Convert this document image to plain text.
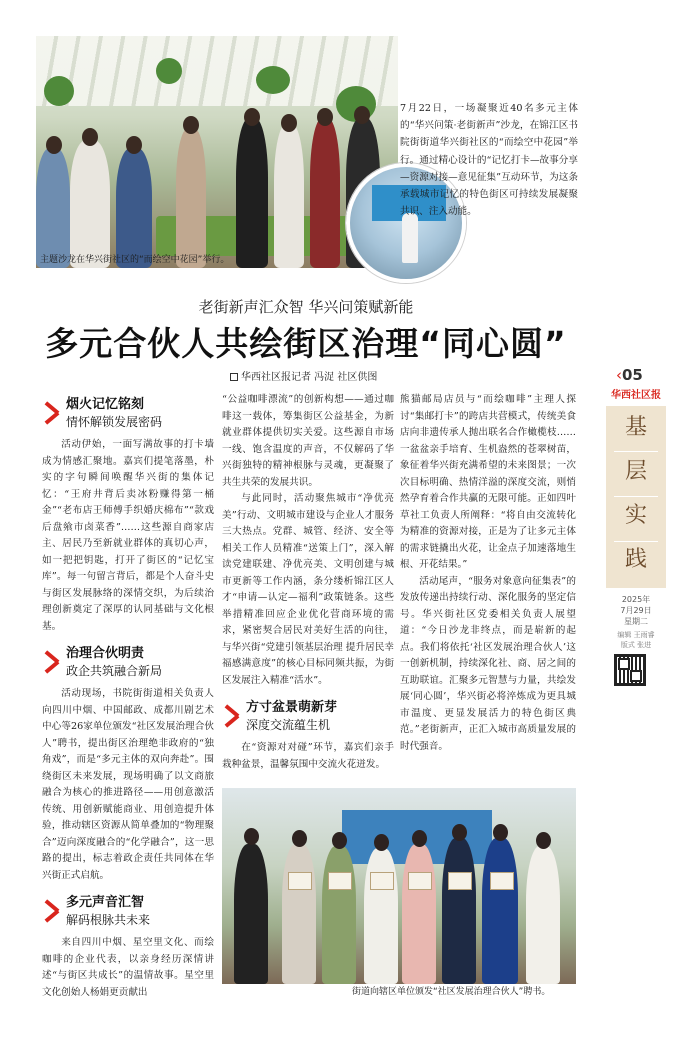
主题沙龙在华兴街社区的“而绘空中花园”举行。
7月22日，一场凝聚近40名多元主体的“华兴问策·老街新声”沙龙，在锦江区书院街街道华兴街社区的“而绘空中花园”举行。通过精心设计的“记忆打卡—故事分享—资源对接—意见征集”互动环节，为这条承载城市记忆的特色街区可持续发展凝聚共识、注入动能。
老街新声汇众智 华兴问策赋新能
多元合伙人共绘街区治理“同心圆”
华西社区报记者 冯浞 社区供图
烟火记忆铭刻
情怀解锁发展密码

活动伊始，一面写满故事的打卡墙成为情感汇聚地。嘉宾们提笔落墨，朴实的字句瞬间唤醒华兴街的集体记忆：“王府井背后卖冰粉赚得第一桶金”“老布店王师傅手织婚庆棉布”“款戏后盘飨市卤菜香”……这些源自商家店主、居民乃至新就业群体的真切心声，如一把把钥匙，打开了街区的“记忆宝库”。每一句留言背后，都是个人奋斗史与街区发展脉络的深情交织，为后续治理创新奠定了深厚的认同基础与文化根基。

治理合伙明责
政企共筑融合新局

活动现场，书院街街道相关负责人向四川中烟、中国邮政、成都川剧艺术中心等26家单位颁发“社区发展治理合伙人”聘书，提出街区治理绝非政府的“独角戏”，而是“多元主体的双向奔赴”。围绕街区未来发展，现场明确了以文商旅融合为核心的推进路径——用创意激活传统、用创新赋能商业、用创造提升体验，推动辖区资源从简单叠加的“物理聚合”迈向深度融合的“化学融合”，这一思路的提出，标志着政企责任共同体在华兴街正式启航。

多元声音汇智
解码根脉共未来

来自四川中烟、星空里文化、而绘咖啡的企业代表，以亲身经历深情讲述“与街区共成长”的温情故事。星空里文化创始人杨娟更贡献出

“公益咖啡漂流”的创新构想——通过咖啡这一载体，筹集街区公益基金，为新就业群体提供切实关爱。这些源自市场一线、饱含温度的声音，不仅解码了华兴街独特的精神根脉与灵魂，更凝聚了共生共荣的发展共识。

与此同时，活动聚焦城市“净优亮美”行动、文明城市建设与企业人才服务三大热点。党群、城管、经济、安全等相关工作人员精准“送策上门”，深入解读党建联建、净优亮美、文明创建与城市更新等工作内涵，条分缕析锦江区人才“申请—认定—福利”政策链条。这些举措精准回应企业优化营商环境的需求，紧密契合居民对美好生活的向往，与华兴街“党建引领基层治理 提升居民幸福感满意度”的核心目标同频共振，为街区发展注入精准“活水”。

方寸盆景萌新芽
深度交流蕴生机

在“资源对对碰”环节，嘉宾们亲手栽种盆景，温馨氛围中交流火花迸发。

熊猫邮局店员与“而绘咖啡”主理人探讨“集邮打卡”的跨店共营模式，传统美食店向非遗传承人抛出联名合作橄榄枝……一盆盆亲手培育、生机盎然的苍翠树苗，象征着华兴街充满希望的未来图景；一次次目标明确、热情洋溢的深度交流，则悄然孕育着合作共赢的无限可能。正如四叶草社工负责人所阐释：“将自由交流转化为精准的资源对接，正是为了让多元主体的需求链撬出火花，让金点子加速落地生根、开花结果。”

活动尾声，“服务对象意向征集表”的发放传递出持续行动、深化服务的坚定信号。华兴街社区党委相关负责人展望道：“今日沙龙非终点，而是崭新的起点。我们将依托‘社区发展治理合伙人’这一创新机制，持续深化社、商、居之间的互助联谊。汇聚多元智慧与力量，共绘发展‘同心圆’，华兴街必将淬炼成为更具城市温度、更显发展活力的特色街区典范。”老街新声，正汇入城市高质量发展的时代强音。

街道向辖区单位颁发“社区发展治理合伙人”聘书。
‹05
华西社区报
基
层
实
践
2025年
7月29日
星期二
编辑 王雨睿
版式 张进
